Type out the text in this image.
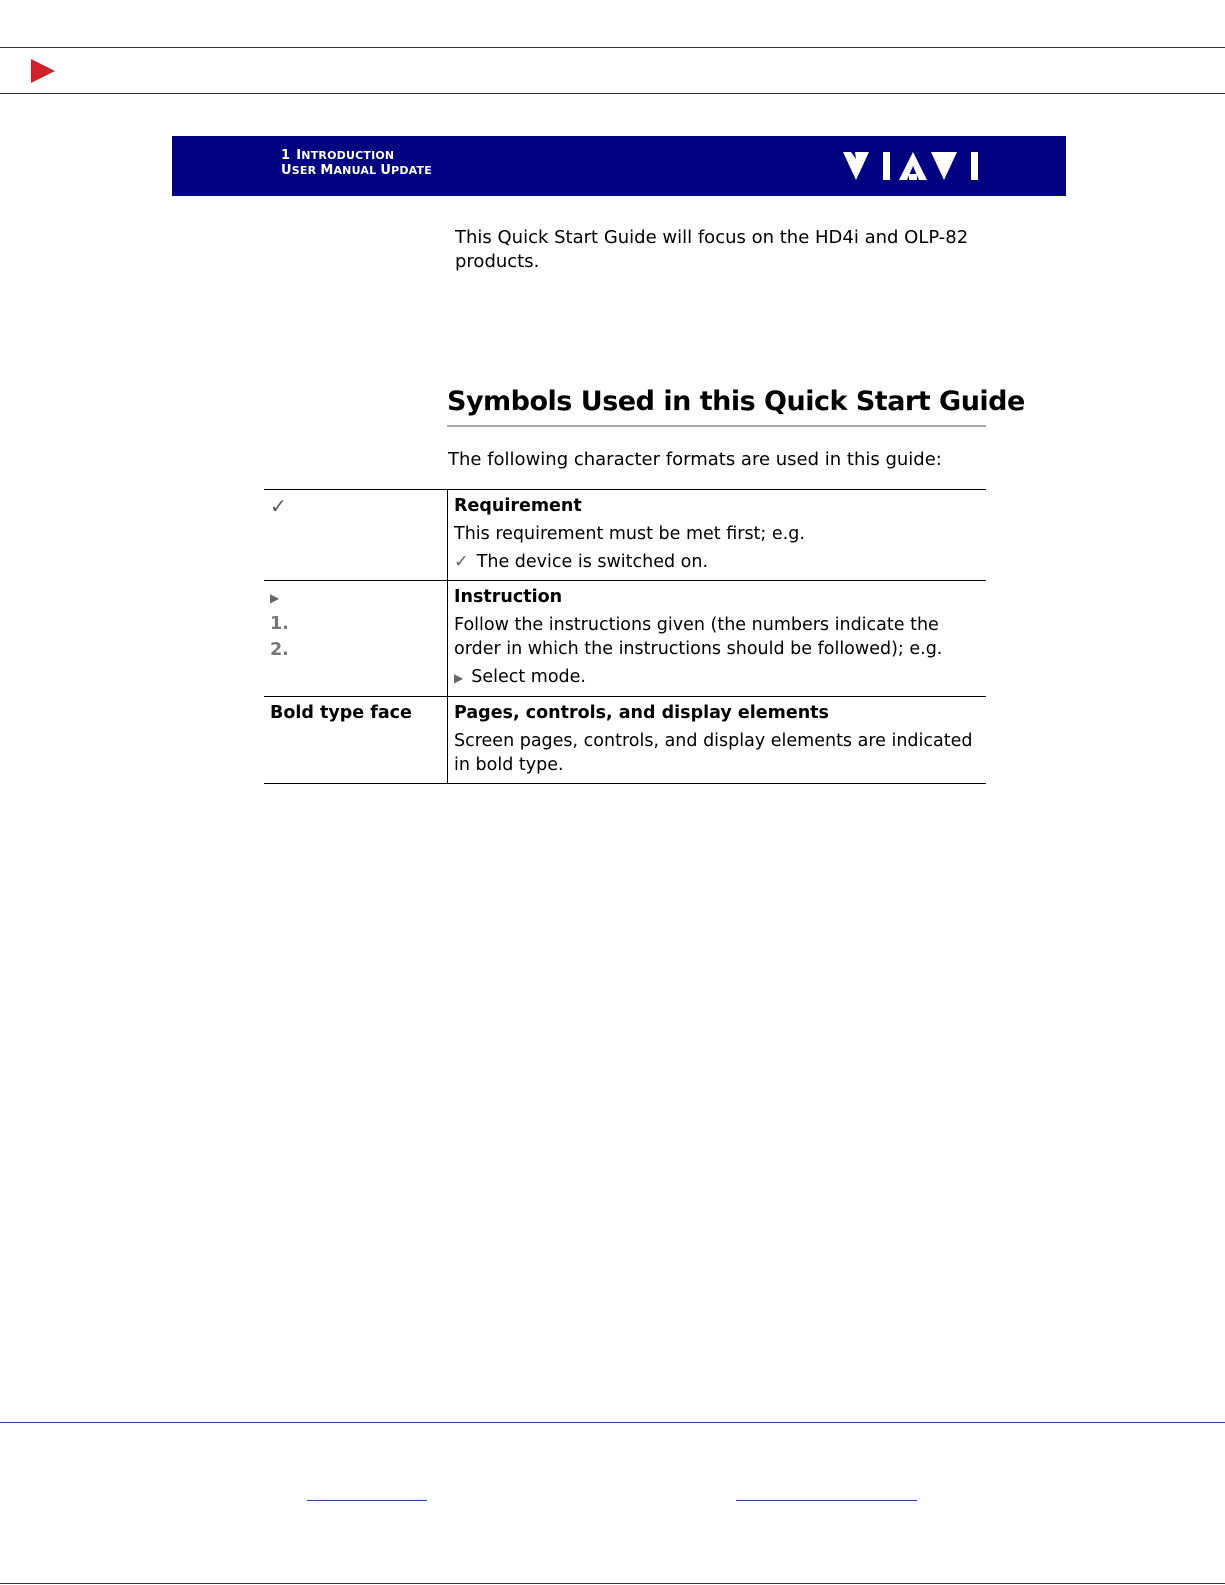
1 INTRODUCTION
USER MANUAL UPDATE
This Quick Start Guide will focus on the HD4i and OLP-82 products.
Symbols Used in this Quick Start Guide
The following character formats are used in this guide:
✓	Requirement
This requirement must be met first; e.g.
✓ The device is switched on.

▶
1.
2.	Instruction
Follow the instructions given (the numbers indicate the order in which the instructions should be followed); e.g.
▶ Select mode.

Bold type face	Pages, controls, and display elements
Screen pages, controls, and display elements are indicated in bold type.
